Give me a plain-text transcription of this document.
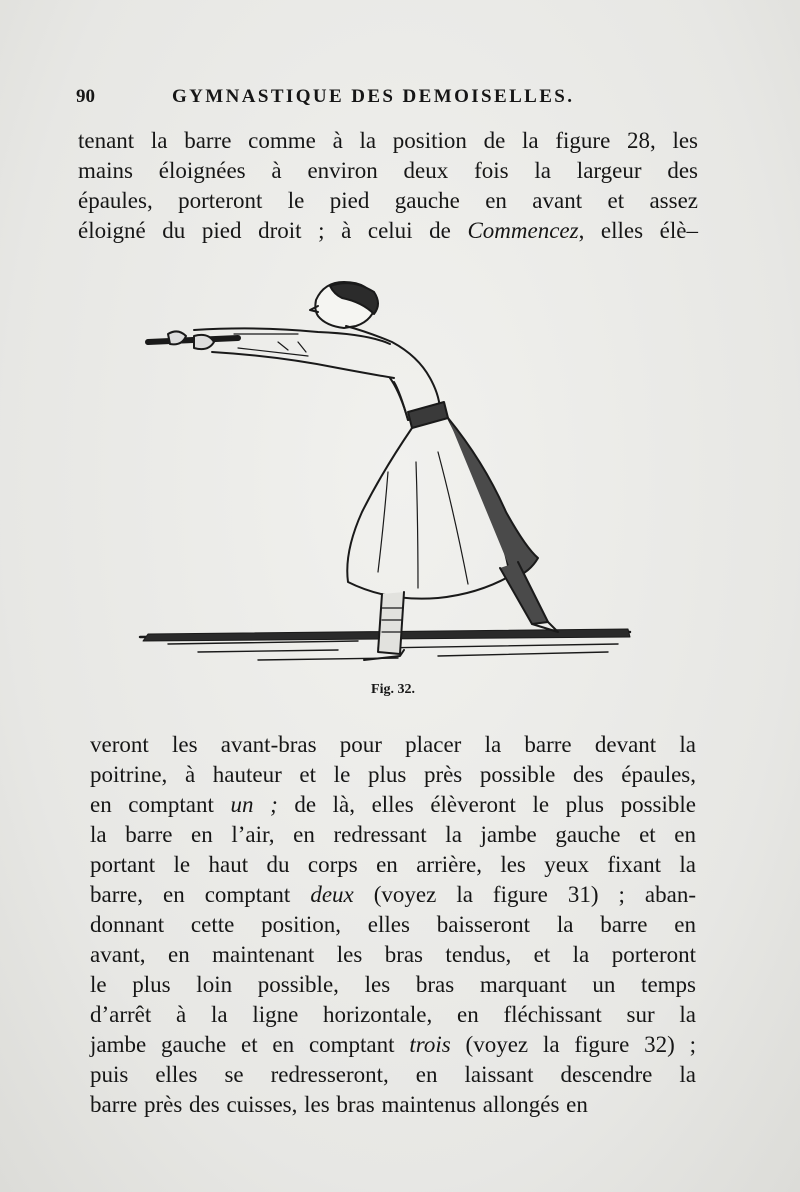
90	GYMNASTIQUE DES DEMOISELLES.
tenant la barre comme à la position de la figure 28, les
mains éloignées à environ deux fois la largeur des
épaules, porteront le pied gauche en avant et assez
éloigné du pied droit ; à celui de Commencez, elles élè–
Fig. 32.
veront les avant-bras pour placer la barre devant la
poitrine, à hauteur et le plus près possible des épaules,
en comptant un ; de là, elles élèveront le plus possible
la barre en l’air, en redressant la jambe gauche et en
portant le haut du corps en arrière, les yeux fixant la
barre, en comptant deux (voyez la figure 31) ; aban-
donnant cette position, elles baisseront la barre en
avant, en maintenant les bras tendus, et la porteront
le plus loin possible, les bras marquant un temps
d’arrêt à la ligne horizontale, en fléchissant sur la
jambe gauche et en comptant trois (voyez la figure 32) ;
puis elles se redresseront, en laissant descendre la
barre près des cuisses, les bras maintenus allongés en
